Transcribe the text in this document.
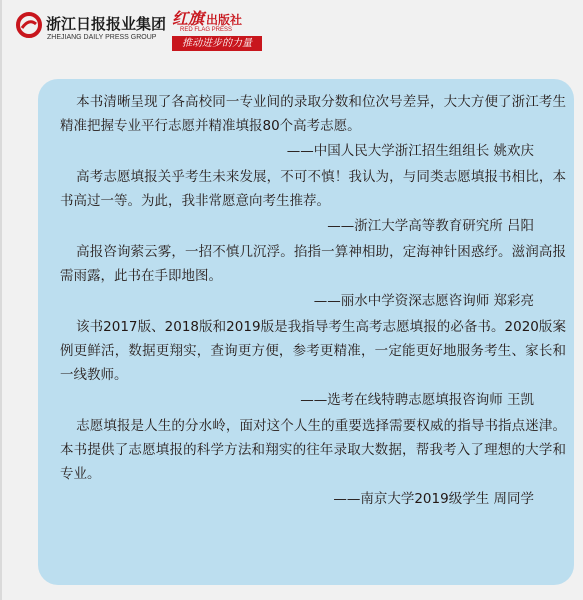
浙江日报报业集团
ZHEJIANG DAILY PRESS GROUP
红旗 出版社
RED FLAG PRESS
推动进步的力量

本书清晰呈现了各高校同一专业间的录取分数和位次号差异，大大方便了浙江考生精准把握专业平行志愿并精准填报80个高考志愿。

——中国人民大学浙江招生组组长 姚欢庆

高考志愿填报关乎考生未来发展，不可不慎！我认为，与同类志愿填报书相比，本书高过一等。为此，我非常愿意向考生推荐。

——浙江大学高等教育研究所 吕阳

高报咨询萦云雾，一招不慎几沉浮。掐指一算神相助，定海神针困惑纾。滋润高报需雨露，此书在手即地图。

——丽水中学资深志愿咨询师 郑彩亮

该书2017版、2018版和2019版是我指导考生高考志愿填报的必备书。2020版案例更鲜活，数据更翔实，查询更方便，参考更精准，一定能更好地服务考生、家长和一线教师。

——选考在线特聘志愿填报咨询师 王凯

志愿填报是人生的分水岭，面对这个人生的重要选择需要权威的指导书指点迷津。本书提供了志愿填报的科学方法和翔实的往年录取大数据，帮我考入了理想的大学和专业。

——南京大学2019级学生 周同学
